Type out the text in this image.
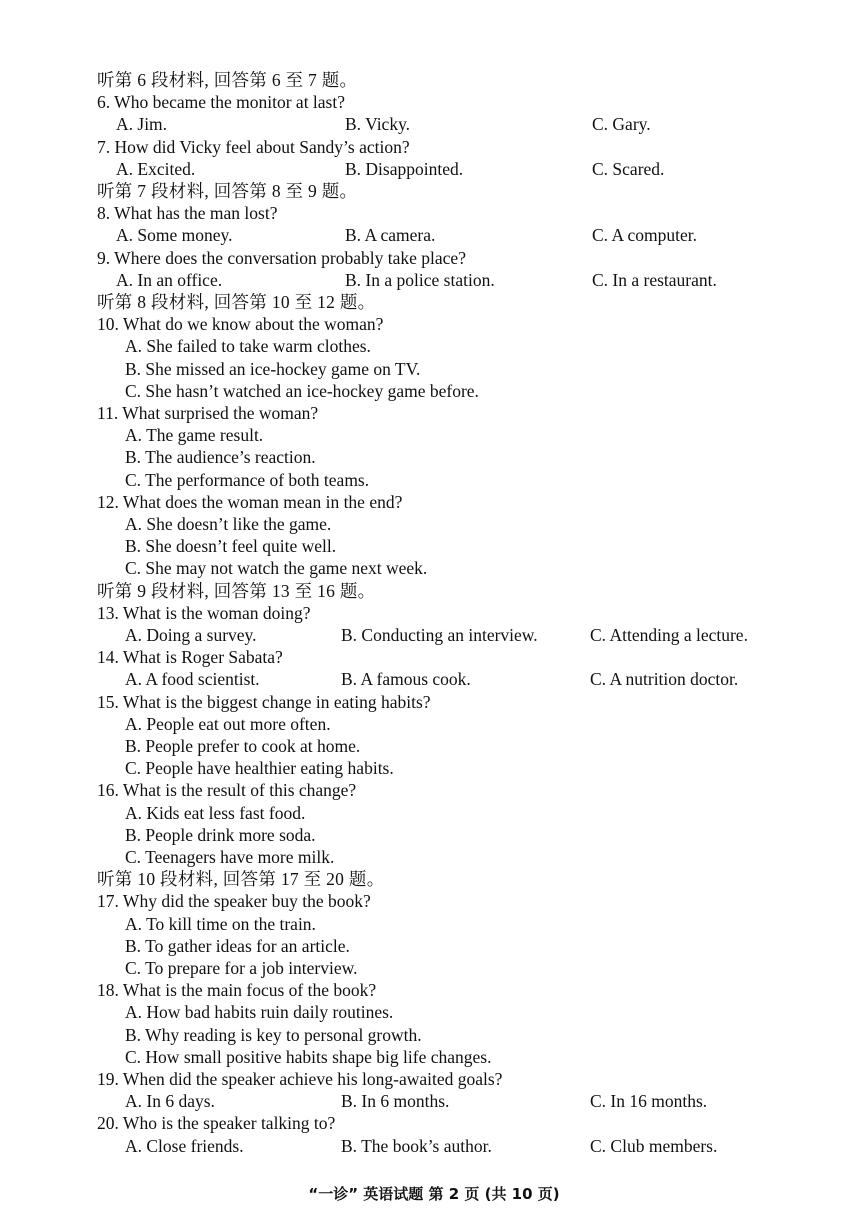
听第 6 段材料, 回答第 6 至 7 题。
6. Who became the monitor at last?
A. Jim.	B. Vicky.	C. Gary.
7. How did Vicky feel about Sandy’s action?
A. Excited.	B. Disappointed.	C. Scared.
听第 7 段材料, 回答第 8 至 9 题。
8. What has the man lost?
A. Some money.	B. A camera.	C. A computer.
9. Where does the conversation probably take place?
A. In an office.	B. In a police station.	C. In a restaurant.
听第 8 段材料, 回答第 10 至 12 题。
10. What do we know about the woman?
A. She failed to take warm clothes.
B. She missed an ice-hockey game on TV.
C. She hasn’t watched an ice-hockey game before.
11. What surprised the woman?
A. The game result.
B. The audience’s reaction.
C. The performance of both teams.
12. What does the woman mean in the end?
A. She doesn’t like the game.
B. She doesn’t feel quite well.
C. She may not watch the game next week.
听第 9 段材料, 回答第 13 至 16 题。
13. What is the woman doing?
A. Doing a survey.	B. Conducting an interview.	C. Attending a lecture.
14. What is Roger Sabata?
A. A food scientist.	B. A famous cook.	C. A nutrition doctor.
15. What is the biggest change in eating habits?
A. People eat out more often.
B. People prefer to cook at home.
C. People have healthier eating habits.
16. What is the result of this change?
A. Kids eat less fast food.
B. People drink more soda.
C. Teenagers have more milk.
听第 10 段材料, 回答第 17 至 20 题。
17. Why did the speaker buy the book?
A. To kill time on the train.
B. To gather ideas for an article.
C. To prepare for a job interview.
18. What is the main focus of the book?
A. How bad habits ruin daily routines.
B. Why reading is key to personal growth.
C. How small positive habits shape big life changes.
19. When did the speaker achieve his long-awaited goals?
A. In 6 days.	B. In 6 months.	C. In 16 months.
20. Who is the speaker talking to?
A. Close friends.	B. The book’s author.	C. Club members.
“一诊” 英语试题 第 2 页 (共 10 页)
